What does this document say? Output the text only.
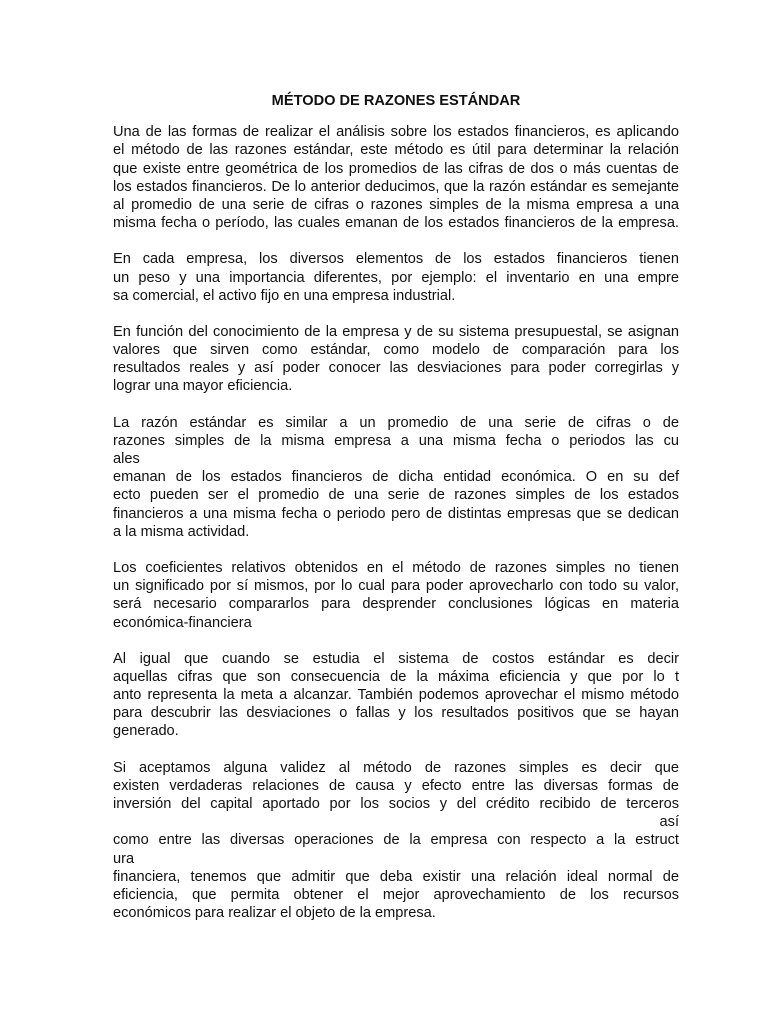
MÉTODO DE RAZONES ESTÁNDAR
Una de las formas de realizar el análisis sobre los estados financieros, es aplicando
el método de las razones estándar, este método es útil para determinar la relación
que existe entre geométrica de los promedios de las cifras de dos o más cuentas de
los estados financieros. De lo anterior deducimos, que la razón estándar es semejante
al promedio de una serie de cifras o razones simples de la misma empresa a una
misma fecha o período, las cuales emanan de los estados financieros de la empresa.
En cada empresa, los diversos elementos de los estados financieros tienen
un peso y una importancia diferentes, por ejemplo: el inventario en una empre
sa comercial, el activo fijo en una empresa industrial.
En función del conocimiento de la empresa y de su sistema presupuestal, se asignan
valores que sirven como estándar, como modelo de comparación para los
resultados reales y así poder conocer las desviaciones para poder corregirlas y
lograr una mayor eficiencia.
La razón estándar es similar a un promedio de una serie de cifras o de
razones simples de la misma empresa a una misma fecha o periodos las cu
ales
emanan de los estados financieros de dicha entidad económica. O en su def
ecto pueden ser el promedio de una serie de razones simples de los estados
financieros a una misma fecha o periodo pero de distintas empresas que se dedican
a la misma actividad.
Los coeficientes relativos obtenidos en el método de razones simples no tienen
un significado por sí mismos, por lo cual para poder aprovecharlo con todo su valor,
será necesario compararlos para desprender conclusiones lógicas en materia
económica-financiera
Al igual que cuando se estudia el sistema de costos estándar es decir
aquellas cifras que son consecuencia de la máxima eficiencia y que por lo t
anto representa la meta a alcanzar. También podemos aprovechar el mismo método
para descubrir las desviaciones o fallas y los resultados positivos que se hayan
generado.
Si aceptamos alguna validez al método de razones simples es decir que
existen verdaderas relaciones de causa y efecto entre las diversas formas de
inversión del capital aportado por los socios y del crédito recibido de terceros
así
como entre las diversas operaciones de la empresa con respecto a la estruct
ura
financiera, tenemos que admitir que deba existir una relación ideal normal de
eficiencia, que permita obtener el mejor aprovechamiento de los recursos
económicos para realizar el objeto de la empresa.
